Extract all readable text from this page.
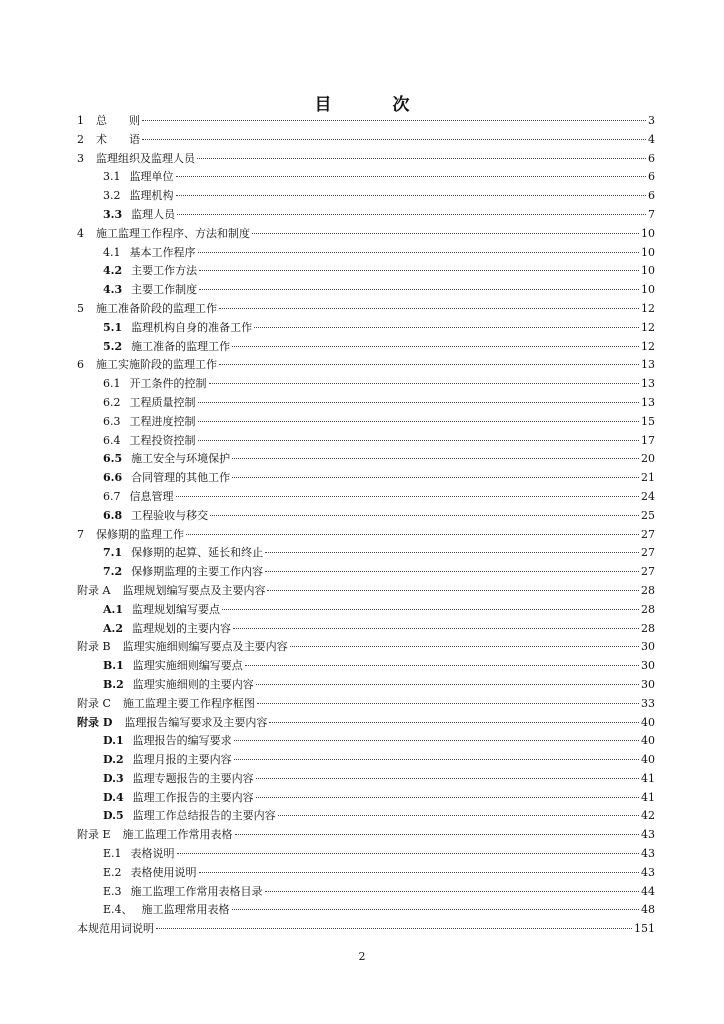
目　次
1 总　　则	3
2 术　　语	4
3 监理组织及监理人员	6
3.1 监理单位	6
3.2 监理机构	6
3.3 监理人员	7
4 施工监理工作程序、方法和制度	10
4.1 基本工作程序	10
4.2 主要工作方法	10
4.3 主要工作制度	10
5 施工准备阶段的监理工作	12
5.1 监理机构自身的准备工作	12
5.2 施工准备的监理工作	12
6 施工实施阶段的监理工作	13
6.1 开工条件的控制	13
6.2 工程质量控制	13
6.3 工程进度控制	15
6.4 工程投资控制	17
6.5 施工安全与环境保护	20
6.6 合同管理的其他工作	21
6.7 信息管理	24
6.8 工程验收与移交	25
7 保修期的监理工作	27
7.1 保修期的起算、延长和终止	27
7.2 保修期监理的主要工作内容	27
附录 A 监理规划编写要点及主要内容	28
A.1 监理规划编写要点	28
A.2 监理规划的主要内容	28
附录 B 监理实施细则编写要点及主要内容	30
B.1 监理实施细则编写要点	30
B.2 监理实施细则的主要内容	30
附录 C 施工监理主要工作程序框图	33
附录 D 监理报告编写要求及主要内容	40
D.1 监理报告的编写要求	40
D.2 监理月报的主要内容	40
D.3 监理专题报告的主要内容	41
D.4 监理工作报告的主要内容	41
D.5 监理工作总结报告的主要内容	42
附录 E 施工监理工作常用表格	43
E.1 表格说明	43
E.2 表格使用说明	43
E.3 施工监理工作常用表格目录	44
E.4、 施工监理常用表格	48
本规范用词说明	151
2
